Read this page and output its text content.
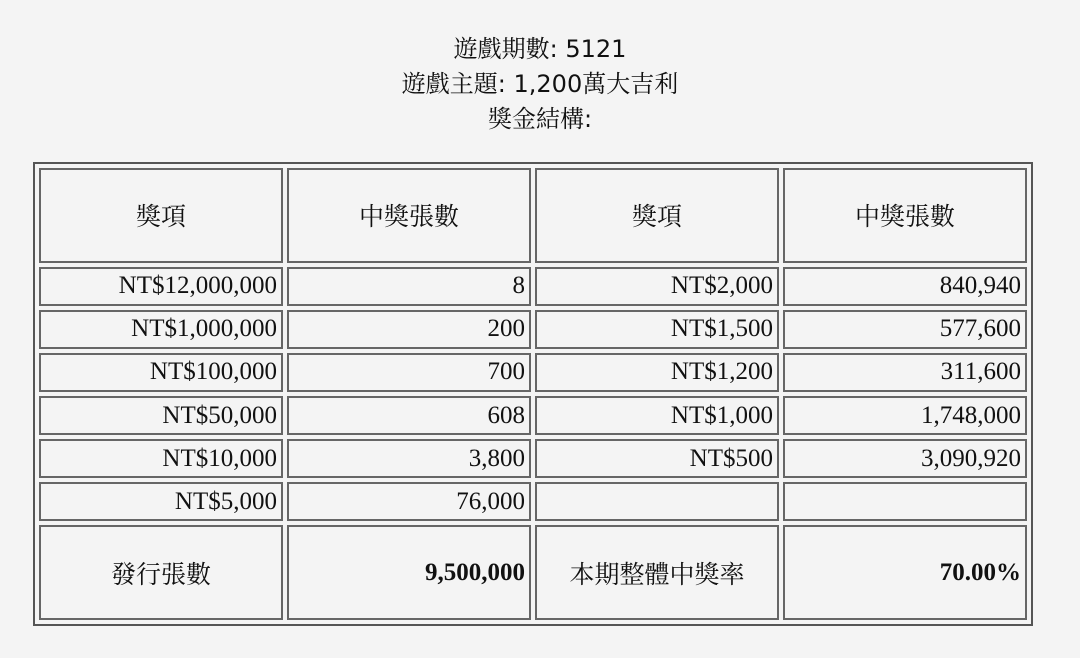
遊戲期數: 5121
遊戲主題: 1,200萬大吉利
獎金結構:
獎項	中獎張數	獎項	中獎張數
NT$12,000,000	8	NT$2,000	840,940
NT$1,000,000	200	NT$1,500	577,600
NT$100,000	700	NT$1,200	311,600
NT$50,000	608	NT$1,000	1,748,000
NT$10,000	3,800	NT$500	3,090,920
NT$5,000	76,000		
發行張數	9,500,000	本期整體中獎率	70.00%
